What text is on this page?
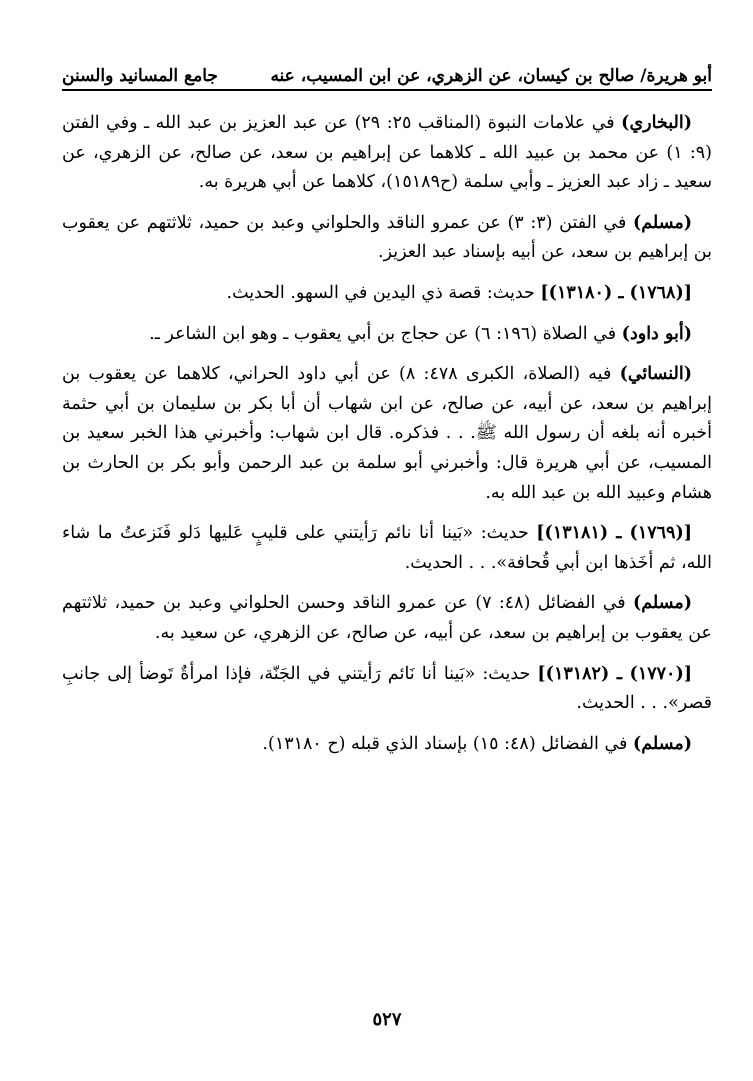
أبو هريرة/ صالح بن كيسان، عن الزهري، عن ابن المسيب، عنه
جامع المسانيد والسنن

(البخاري) في علامات النبوة (المناقب ٢٥: ٢٩) عن عبد العزيز بن عبد الله ـ وفي الفتن (٩: ١) عن محمد بن عبيد الله ـ كلاهما عن إبراهيم بن سعد، عن صالح، عن الزهري، عن سعيد ـ زاد عبد العزيز ـ وأبي سلمة (ح١٥١٨٩)، كلاهما عن أبي هريرة به.

(مسلم) في الفتن (٣: ٣) عن عمرو الناقد والحلواني وعبد بن حميد، ثلاثتهم عن يعقوب بن إبراهيم بن سعد، عن أبيه بإسناد عبد العزيز.

[(١٧٦٨) ـ (١٣١٨٠)] حديث: قصة ذي اليدين في السهو. الحديث.

(أبو داود) في الصلاة (١٩٦: ٦) عن حجاج بن أبي يعقوب ـ وهو ابن الشاعر ـ.

(النسائي) فيه (الصلاة، الكبرى ٤٧٨: ٨) عن أبي داود الحراني، كلاهما عن يعقوب بن إبراهيم بن سعد، عن أبيه، عن صالح، عن ابن شهاب أن أبا بكر بن سليمان بن أبي حثمة أخبره أنه بلغه أن رسول الله ﷺ. . . فذكره. قال ابن شهاب: وأخبرني هذا الخبر سعيد بن المسيب، عن أبي هريرة قال: وأخبرني أبو سلمة بن عبد الرحمن وأبو بكر بن الحارث بن هشام وعبيد الله بن عبد الله به.

[(١٧٦٩) ـ (١٣١٨١)] حديث: «بَينا أنا نائم رَأيتني على قليبٍ عَليها دَلو فَنَزعتُ ما شاء الله، ثم أخَذها ابن أبي قُحافة». . . الحديث.

(مسلم) في الفضائل (٤٨: ٧) عن عمرو الناقد وحسن الحلواني وعبد بن حميد، ثلاثتهم عن يعقوب بن إبراهيم بن سعد، عن أبيه، عن صالح، عن الزهري، عن سعيد به.

[(١٧٧٠) ـ (١٣١٨٢)] حديث: «بَينا أنا نَائم رَأيتني في الجَنّة، فإذا امرأةٌ تَوضأ إلى جانبِ قصر». . . الحديث.

(مسلم) في الفضائل (٤٨: ١٥) بإسناد الذي قبله (ح ١٣١٨٠).

٥٢٧
